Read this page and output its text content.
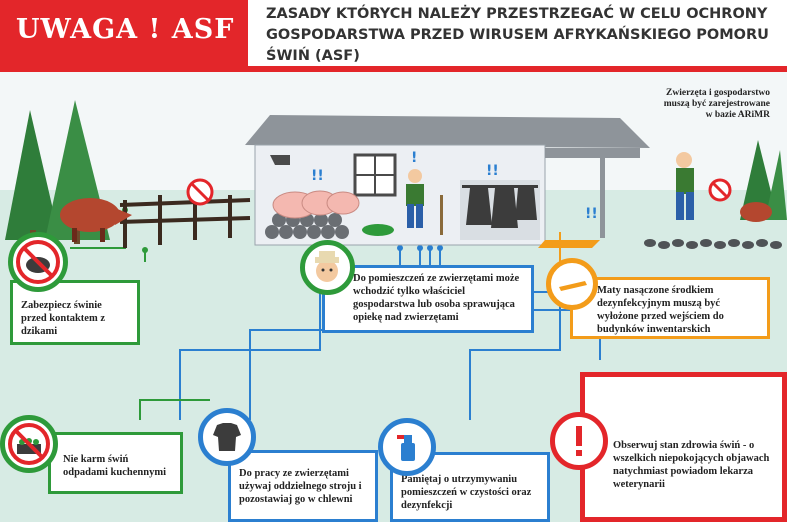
UWAGA ! ASF ZASADY KTÓRYCH NALEŻY PRZESTRZEGAĆ W CELU OCHRONY
GOSPODARSTWA PRZED WIRUSEM AFRYKAŃSKIEGO POMORU
ŚWIŃ (ASF)
!!
!
!!
!!
Zwierzęta i gospodarstwo
muszą być zarejestrowane
w bazie ARiMR
Zabezpiecz świnie przed kontaktem z dzikami
Do pomieszczeń ze zwierzętami może wchodzić tylko właściciel gospodarstwa lub osoba sprawująca opiekę nad zwierzętami
Maty nasączone środkiem dezynfekcyjnym muszą być wyłożone przed wejściem do budynków inwentarskich
Nie karm świń odpadami kuchennymi	Do pracy ze zwierzętami używaj oddzielnego stroju i pozostawiaj go w chlewni
Pamiętaj o utrzymywaniu pomieszczeń w czystości oraz dezynfekcji
Obserwuj stan zdrowia świń - o wszelkich niepokojących objawach natychmiast powiadom lekarza weterynarii
